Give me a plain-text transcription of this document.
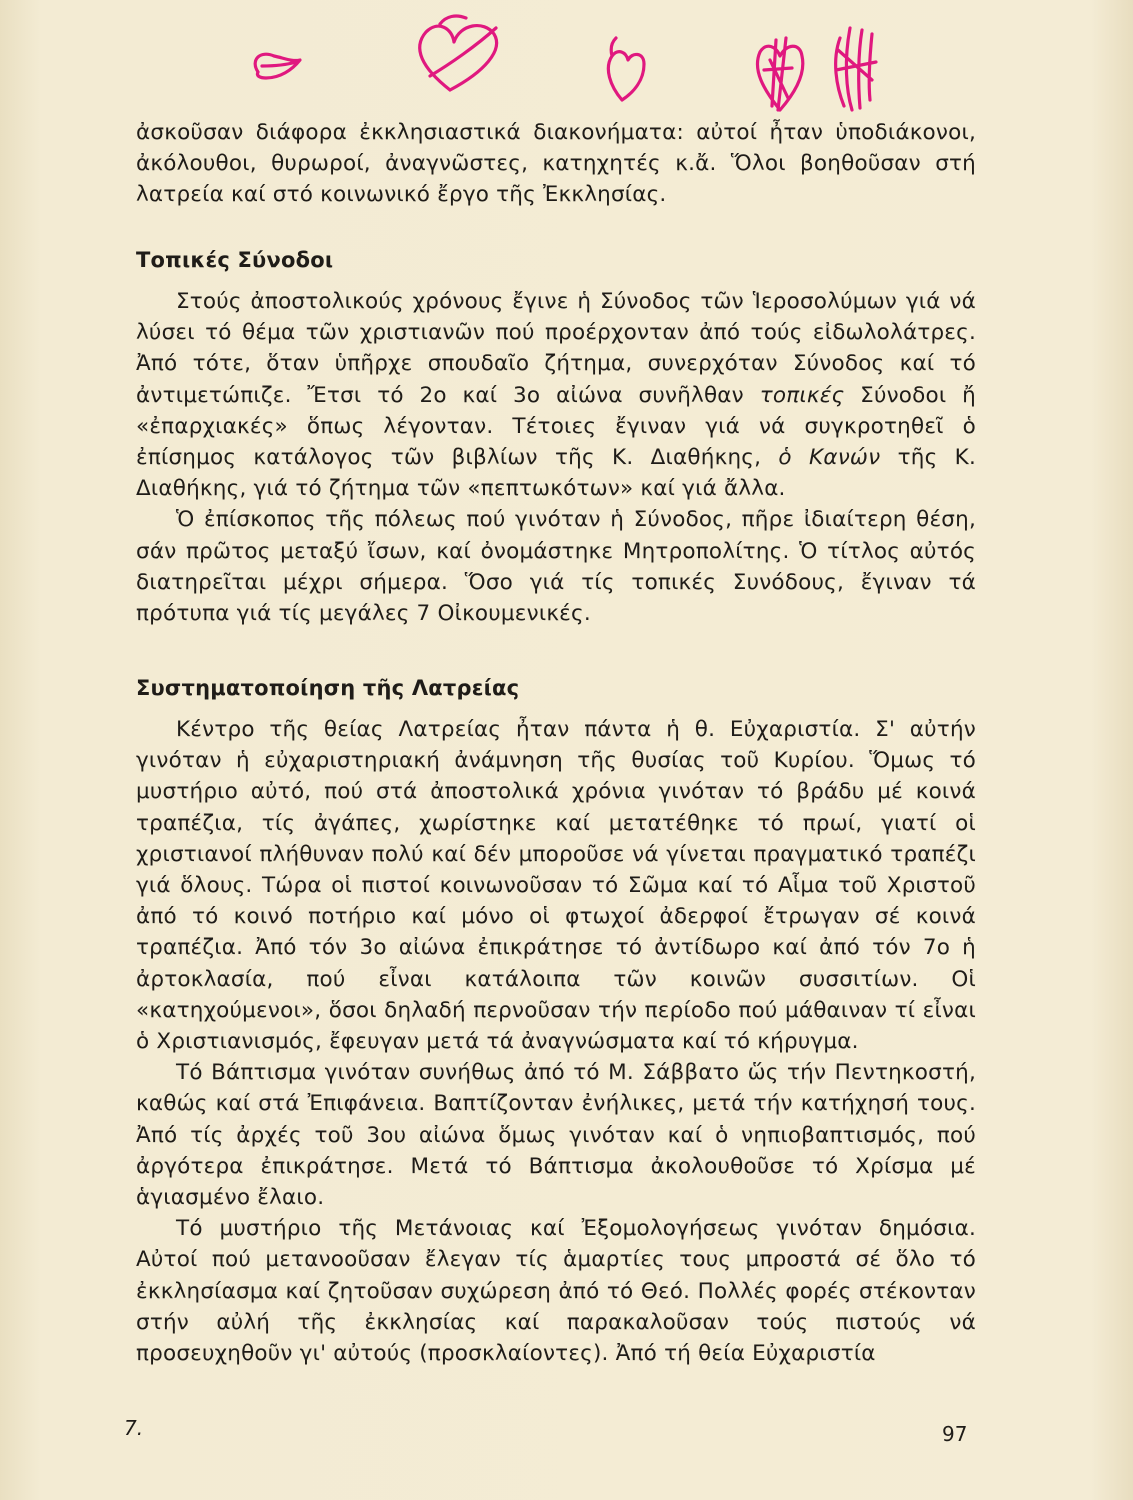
ἀσκοῦσαν διάφορα ἐκκλησιαστικά διακονήματα: αὐτοί ἦταν ὑποδιάκονοι, ἀκόλουθοι, θυρωροί, ἀναγνῶστες, κατηχητές κ.ἄ. Ὅλοι βοηθοῦσαν στή λατρεία καί στό κοινωνικό ἔργο τῆς Ἐκκλησίας.

Τοπικές Σύνοδοι

Στούς ἀποστολικούς χρόνους ἔγινε ἡ Σύνοδος τῶν Ἱεροσολύμων γιά νά λύσει τό θέμα τῶν χριστιανῶν πού προέρχονταν ἀπό τούς εἰδωλολάτρες. Ἀπό τότε, ὅταν ὑπῆρχε σπουδαῖο ζήτημα, συνερχόταν Σύνοδος καί τό ἀντιμετώπιζε. Ἔτσι τό 2ο καί 3ο αἰώνα συνῆλθαν τοπικές Σύνοδοι ἤ «ἐπαρχιακές» ὅπως λέγονταν. Τέτοιες ἔγιναν γιά νά συγκροτηθεῖ ὁ ἐπίσημος κατάλογος τῶν βιβλίων τῆς Κ. Διαθήκης, ὁ Κανών τῆς Κ. Διαθήκης, γιά τό ζήτημα τῶν «πεπτωκότων» καί γιά ἄλλα.

Ὁ ἐπίσκοπος τῆς πόλεως πού γινόταν ἡ Σύνοδος, πῆρε ἰδιαίτερη θέση, σάν πρῶτος μεταξύ ἴσων, καί ὀνομάστηκε Μητροπολίτης. Ὁ τίτλος αὐτός διατηρεῖται μέχρι σήμερα. Ὅσο γιά τίς τοπικές Συνόδους, ἔγιναν τά πρότυπα γιά τίς μεγάλες 7 Οἰκουμενικές.

Συστηματοποίηση τῆς Λατρείας

Κέντρο τῆς θείας Λατρείας ἦταν πάντα ἡ θ. Εὐχαριστία. Σ' αὐτήν γινόταν ἡ εὐχαριστηριακή ἀνάμνηση τῆς θυσίας τοῦ Κυρίου. Ὅμως τό μυστήριο αὐτό, πού στά ἀποστολικά χρόνια γινόταν τό βράδυ μέ κοινά τραπέζια, τίς ἀγάπες, χωρίστηκε καί μετατέθηκε τό πρωί, γιατί οἱ χριστιανοί πλήθυναν πολύ καί δέν μποροῦσε νά γίνεται πραγματικό τραπέζι γιά ὅλους. Τώρα οἱ πιστοί κοινωνοῦσαν τό Σῶμα καί τό Αἷμα τοῦ Χριστοῦ ἀπό τό κοινό ποτήριο καί μόνο οἱ φτωχοί ἀδερφοί ἔτρωγαν σέ κοινά τραπέζια. Ἀπό τόν 3ο αἰώνα ἐπικράτησε τό ἀντίδωρο καί ἀπό τόν 7ο ἡ ἀρτοκλασία, πού εἶναι κατάλοιπα τῶν κοινῶν συσσιτίων. Οἱ «κατηχούμενοι», ὅσοι δηλαδή περνοῦσαν τήν περίοδο πού μάθαιναν τί εἶναι ὁ Χριστιανισμός, ἔφευγαν μετά τά ἀναγνώσματα καί τό κήρυγμα.

Τό Βάπτισμα γινόταν συνήθως ἀπό τό Μ. Σάββατο ὥς τήν Πεντηκοστή, καθώς καί στά Ἐπιφάνεια. Βαπτίζονταν ἐνήλικες, μετά τήν κατήχησή τους. Ἀπό τίς ἀρχές τοῦ 3ου αἰώνα ὅμως γινόταν καί ὁ νηπιοβαπτισμός, πού ἀργότερα ἐπικράτησε. Μετά τό Βάπτισμα ἀκολουθοῦσε τό Χρίσμα μέ ἁγιασμένο ἔλαιο.

Τό μυστήριο τῆς Μετάνοιας καί Ἐξομολογήσεως γινόταν δημόσια. Αὐτοί πού μετανοοῦσαν ἔλεγαν τίς ἁμαρτίες τους μπροστά σέ ὅλο τό ἐκκλησίασμα καί ζητοῦσαν συχώρεση ἀπό τό Θεό. Πολλές φορές στέκονταν στήν αὐλή τῆς ἐκκλησίας καί παρακαλοῦσαν τούς πιστούς νά προσευχηθοῦν γι' αὐτούς (προσκλαίοντες). Ἀπό τή θεία Εὐχαριστία

7.	97
